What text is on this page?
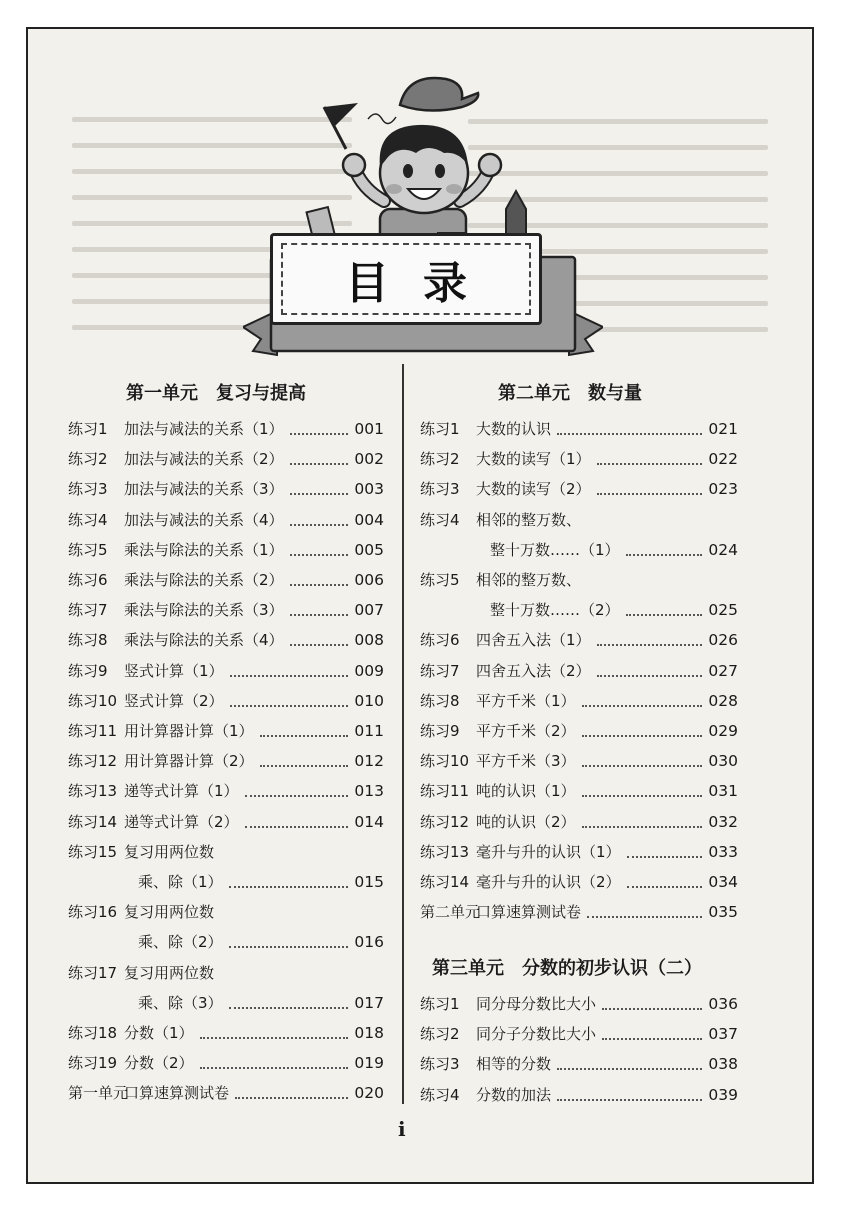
目录
第一单元　复习与提高	第二单元　数与量
第三单元　分数的初步认识（二）
练习1 加法与减法的关系（1）	001
练习2 加法与减法的关系（2）	002
练习3 加法与减法的关系（3）	003
练习4 加法与减法的关系（4）	004
练习5 乘法与除法的关系（1）	005
练习6 乘法与除法的关系（2）	006
练习7 乘法与除法的关系（3）	007
练习8 乘法与除法的关系（4）	008
练习9 竖式计算（1）	009
练习10 竖式计算（2）	010
练习11 用计算器计算（1）	011
练习12 用计算器计算（2）	012
练习13 递等式计算（1）	013
练习14 递等式计算（2）	014
练习15 复习用两位数
乘、除（1）	015
练习16 复习用两位数
乘、除（2）	016
练习17 复习用两位数
乘、除（3）	017
练习18 分数（1）	018
练习19 分数（2）	019
第一单元
口算速算测试卷	020
练习1 大数的认识	021
练习2 大数的读写（1）	022
练习3 大数的读写（2）	023
练习4 相邻的整万数、
整十万数……（1）	024
练习5 相邻的整万数、
整十万数……（2）	025
练习6 四舍五入法（1）	026
练习7 四舍五入法（2）	027
练习8 平方千米（1）	028
练习9 平方千米（2）	029
练习10 平方千米（3）	030
练习11 吨的认识（1）	031
练习12 吨的认识（2）	032
练习13 毫升与升的认识（1）	033
练习14 毫升与升的认识（2）	034
第二单元
口算速算测试卷	035
练习1 同分母分数比大小	036
练习2 同分子分数比大小	037
练习3 相等的分数	038
练习4 分数的加法	039
i
